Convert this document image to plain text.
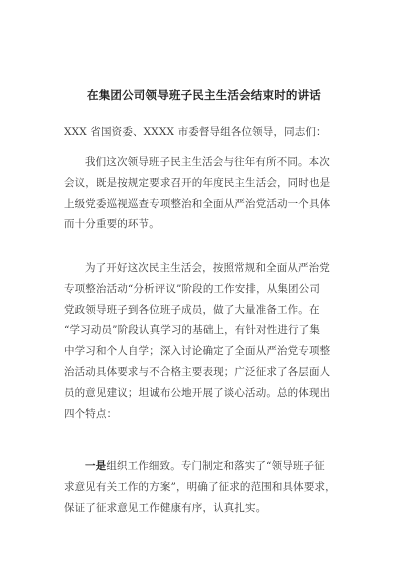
在集团公司领导班子民主生活会结束时的讲话

XXX 省国资委、XXXX 市委督导组各位领导，同志们：

我们这次领导班子民主生活会与往年有所不同。本次

会议，既是按规定要求召开的年度民主生活会，同时也是

上级党委巡视巡查专项整治和全面从严治党活动一个具体

而十分重要的环节。

为了开好这次民主生活会，按照常规和全面从严治党

专项整治活动“分析评议”阶段的工作安排，从集团公司

党政领导班子到各位班子成员，做了大量准备工作。在

“学习动员”阶段认真学习的基础上，有针对性进行了集

中学习和个人自学；深入讨论确定了全面从严治党专项整

治活动具体要求与不合格主要表现；广泛征求了各层面人

员的意见建议；坦诚布公地开展了谈心活动。总的体现出

四个特点：

一是组织工作细致。专门制定和落实了“领导班子征

求意见有关工作的方案”，明确了征求的范围和具体要求，

保证了征求意见工作健康有序，认真扎实。
